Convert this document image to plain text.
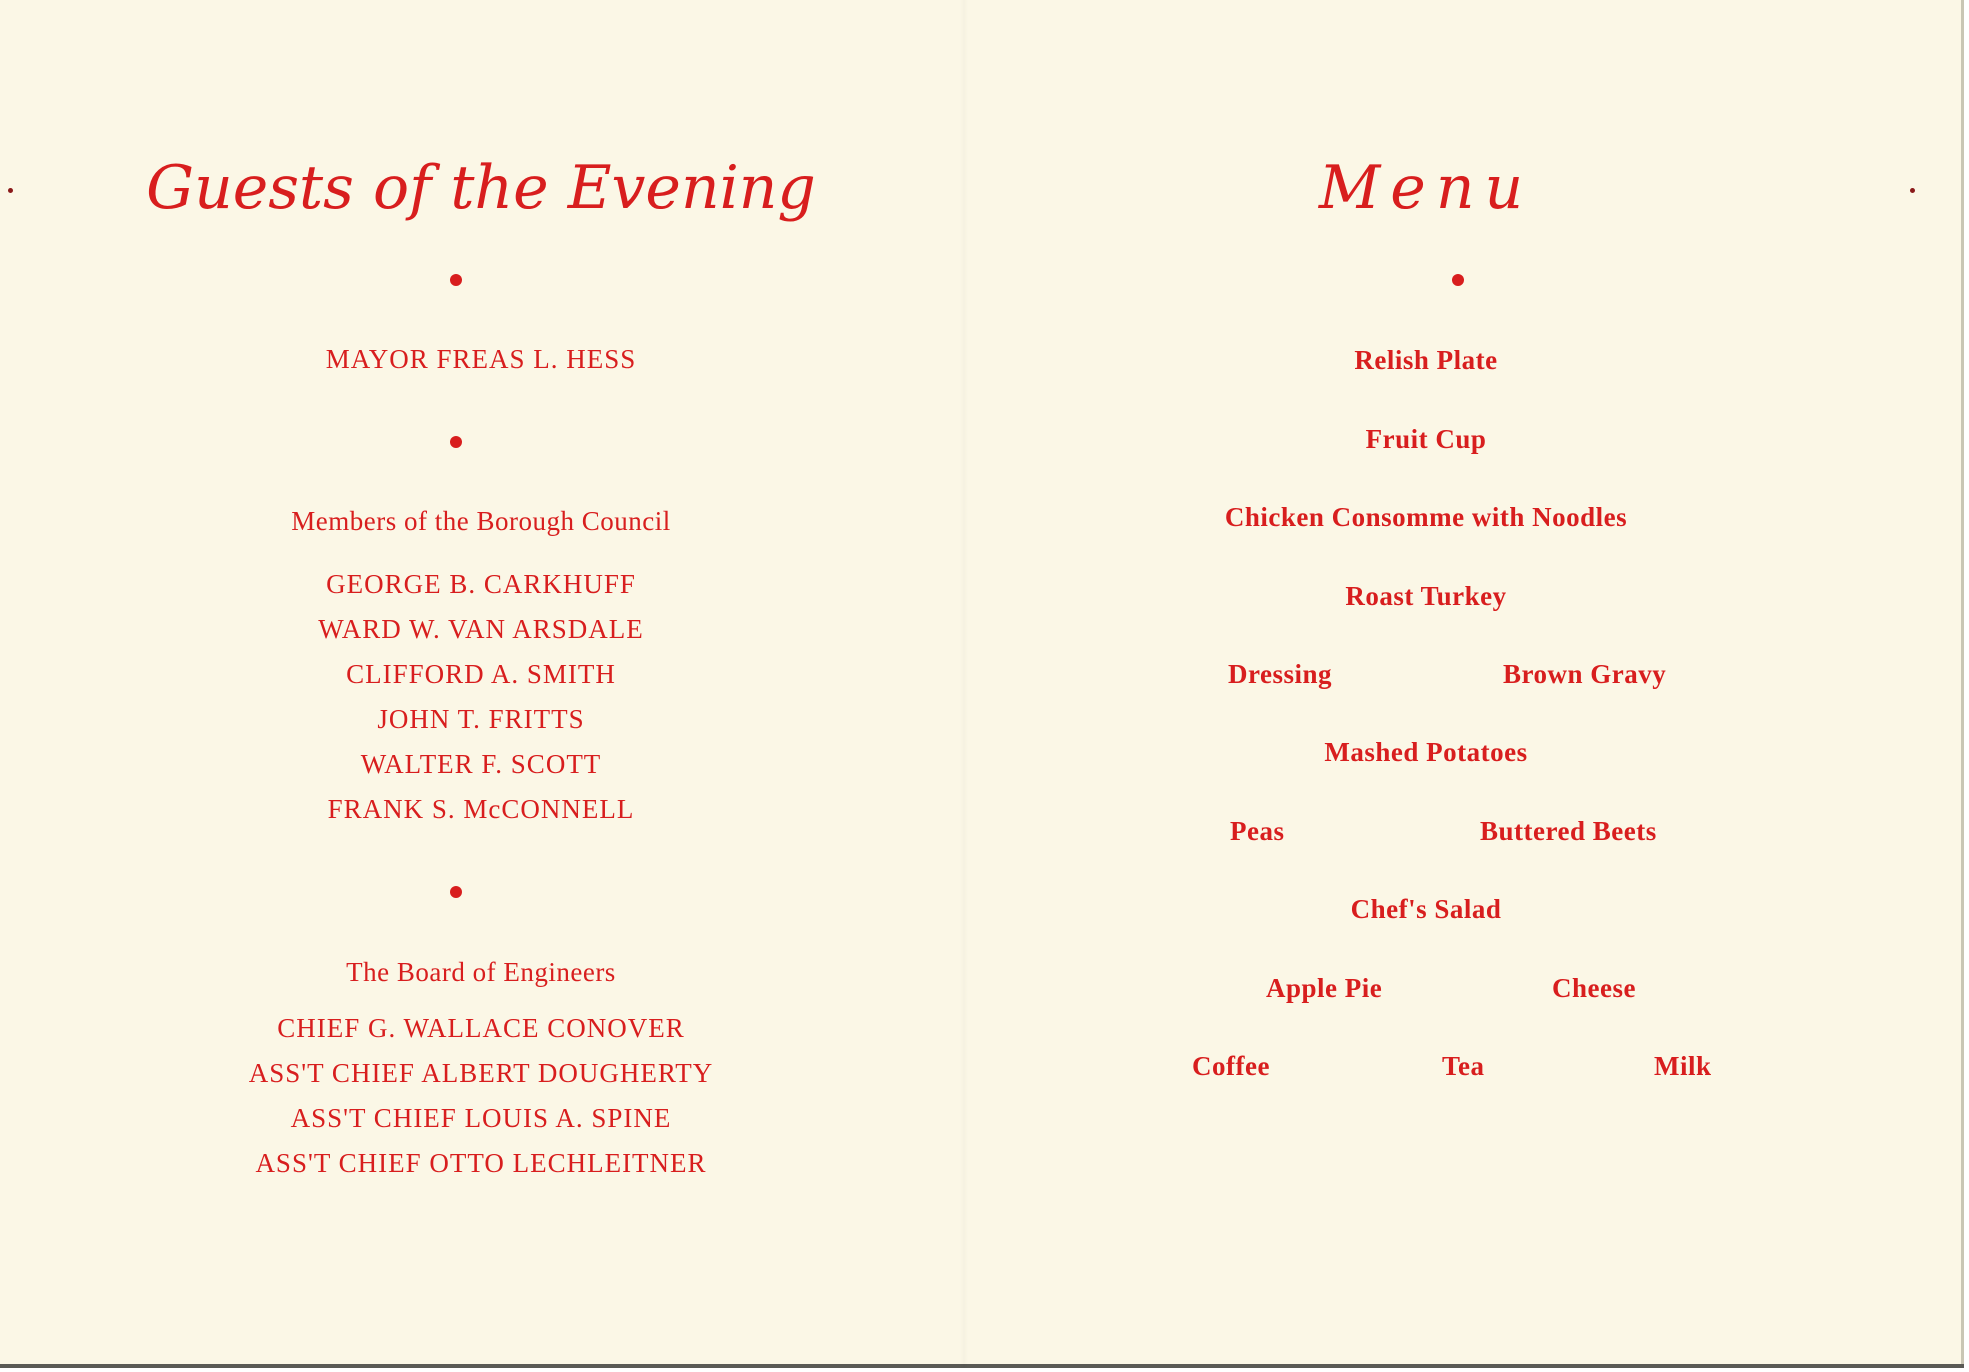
Guests of the Evening
MAYOR FREAS L. HESS
Members of the Borough Council
GEORGE B. CARKHUFF
WARD W. VAN ARSDALE
CLIFFORD A. SMITH
JOHN T. FRITTS
WALTER F. SCOTT
FRANK S. McCONNELL
The Board of Engineers
CHIEF G. WALLACE CONOVER
ASS'T CHIEF ALBERT DOUGHERTY
ASS'T CHIEF LOUIS A. SPINE
ASS'T CHIEF OTTO LECHLEITNER
Menu
Relish Plate
Fruit Cup
Chicken Consomme with Noodles
Roast Turkey
Dressing	Brown Gravy
Mashed Potatoes
Peas	Buttered Beets
Chef's Salad
Apple Pie	Cheese
Coffee	Tea	Milk
